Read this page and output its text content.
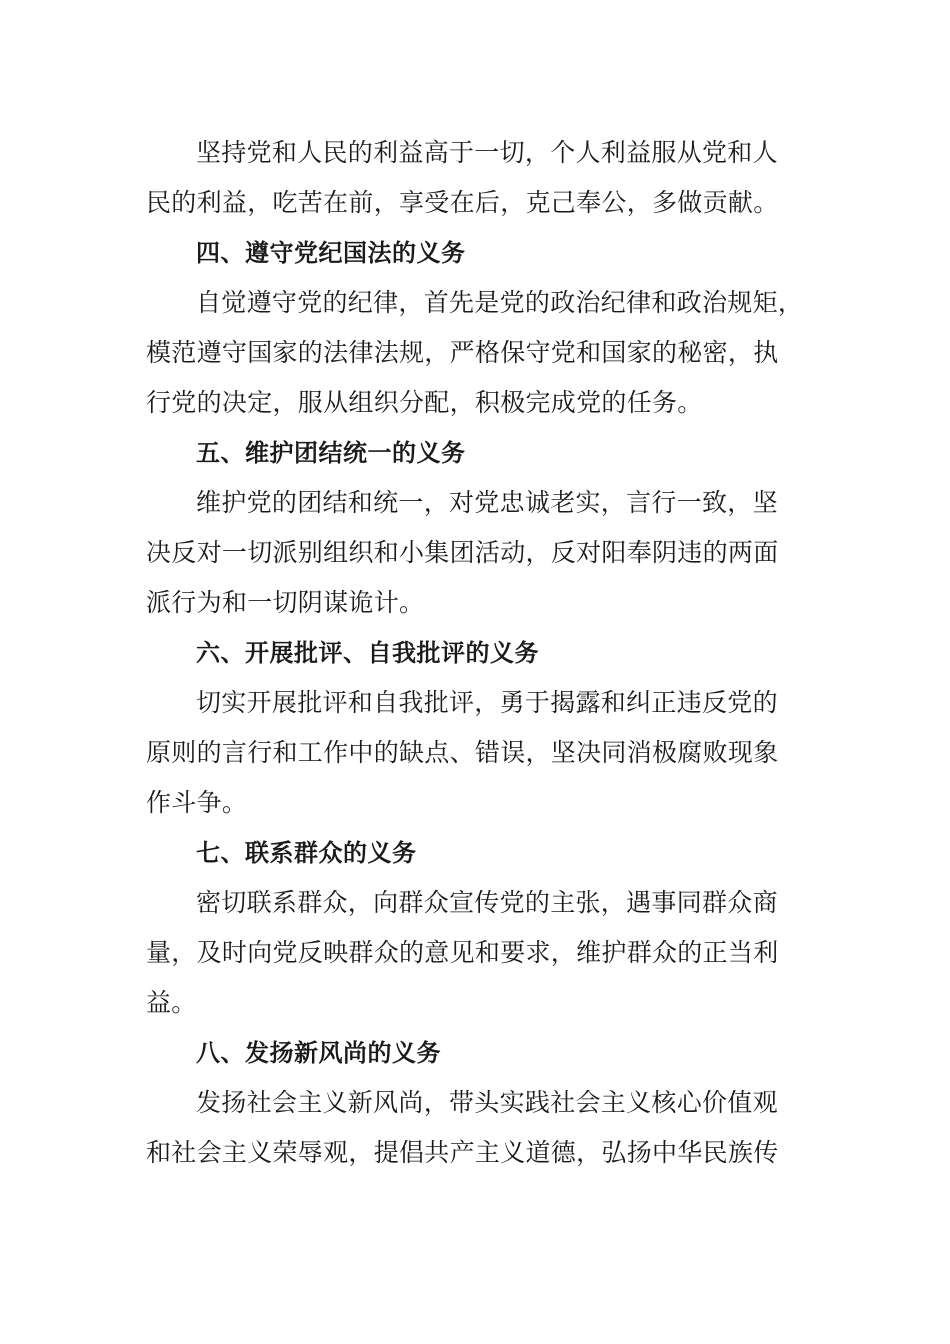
坚持党和人民的利益高于一切，个人利益服从党和人
民的利益，吃苦在前，享受在后，克己奉公，多做贡献。
四、遵守党纪国法的义务
自觉遵守党的纪律，首先是党的政治纪律和政治规矩，
模范遵守国家的法律法规，严格保守党和国家的秘密，执
行党的决定，服从组织分配，积极完成党的任务。
五、维护团结统一的义务
维护党的团结和统一，对党忠诚老实，言行一致，坚
决反对一切派别组织和小集团活动，反对阳奉阴违的两面
派行为和一切阴谋诡计。
六、开展批评、自我批评的义务
切实开展批评和自我批评，勇于揭露和纠正违反党的
原则的言行和工作中的缺点、错误，坚决同消极腐败现象
作斗争。
七、联系群众的义务
密切联系群众，向群众宣传党的主张，遇事同群众商
量，及时向党反映群众的意见和要求，维护群众的正当利
益。
八、发扬新风尚的义务
发扬社会主义新风尚，带头实践社会主义核心价值观
和社会主义荣辱观，提倡共产主义道德，弘扬中华民族传
